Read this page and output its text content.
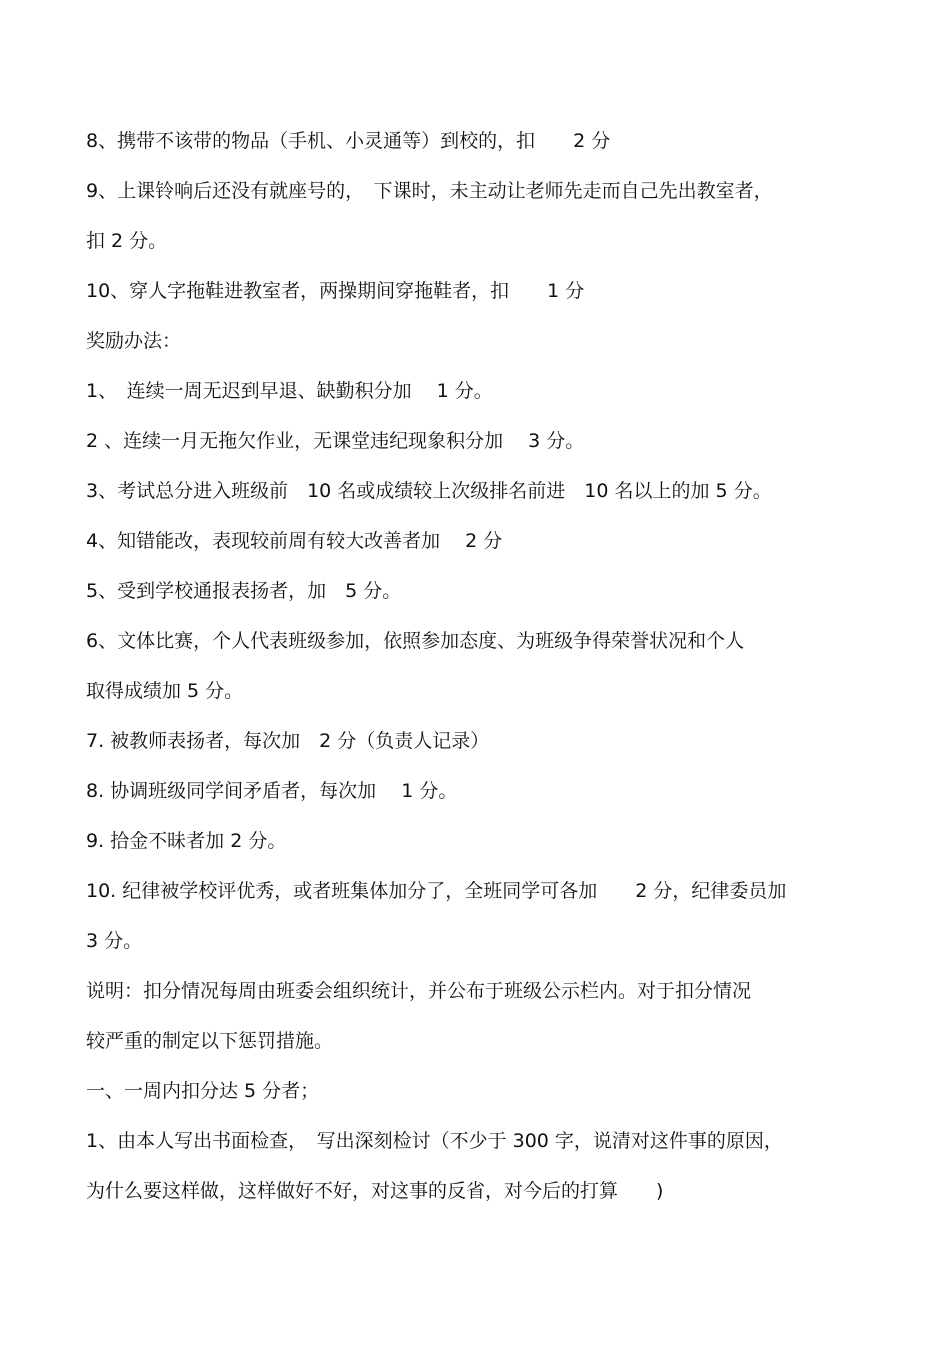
8、携带不该带的物品（手机、小灵通等）到校的，扣　　2 分
9、上课铃响后还没有就座号的，　下课时，未主动让老师先走而自己先出教室者，
扣 2 分。
10、穿人字拖鞋进教室者，两操期间穿拖鞋者，扣　　1 分
奖励办法：
1、　连续一周无迟到早退、缺勤积分加　 1 分。
2 、连续一月无拖欠作业，无课堂违纪现象积分加　 3 分。
3、考试总分进入班级前　10 名或成绩较上次级排名前进　10 名以上的加 5 分。
4、知错能改，表现较前周有较大改善者加　 2 分
5、受到学校通报表扬者，加　5 分。
6、文体比赛，个人代表班级参加，依照参加态度、为班级争得荣誉状况和个人
取得成绩加 5 分。
7. 被教师表扬者，每次加　2 分（负责人记录）
8. 协调班级同学间矛盾者，每次加　 1 分。
9. 拾金不昧者加 2 分。
10. 纪律被学校评优秀，或者班集体加分了，全班同学可各加　　2 分，纪律委员加
3 分。
说明：扣分情况每周由班委会组织统计，并公布于班级公示栏内。对于扣分情况
较严重的制定以下惩罚措施。
一、一周内扣分达 5 分者；
1、由本人写出书面检查，　写出深刻检讨（不少于 300 字，说清对这件事的原因，
为什么要这样做，这样做好不好，对这事的反省，对今后的打算　　)
